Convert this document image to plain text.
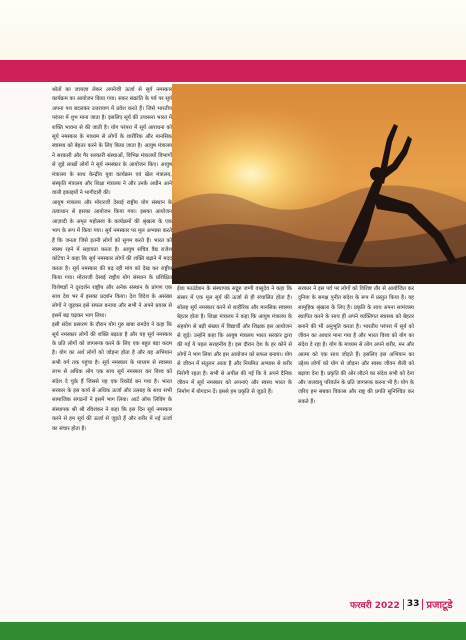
श्रोतों का जायज़ा लेकर अपनेजी ऊर्जा से सूर्य नमस्कार कार्यक्रम का आयोजन किया गया। सकर संक्रांति के पर्व पर सूर्य अपना पथ बदलकर उत्तरायण में प्रवेश करते हैं। जिसे भारतीय परंपरा में शुभ माना जाता है। इसलिए सूर्य की उपासना भारत में शक्ति भावना से की जाती है। योग परंपरा में सूर्य आराधना को सूर्य नमस्कार के माध्यम से लोगों के शारीरिक और मानसिक स्वास्थ्य को बेहतर करने के लिए किया जाता है। आयुष मंत्रालय ने सरकारी और गैर सरकारी संस्थाओं, विभिन्न मंत्रालयों विभागों से जुड़े लाखों लोगों ने सूर्य नमस्कार के आयोजन किए। आयुष मंत्रालय के साथ केन्द्रीय युवा कार्यक्रम एवं खेल मंत्रालय, संस्कृति मंत्रालय और शिक्षा मंत्रालय ने और उनके अधीन आने वाली इकाइयों ने भागीदारी की।

आयुष मंत्रालय और मोरारजी देसाई राष्ट्रीय योग संस्थान के तत्वाधान से इसका आयोजन किया गया। इसका आयोजन आज़ादी के अमृत महोत्सव के कार्यक्रमों की श्रृंखला के एक भाग के रूप में किया गया। सूर्य नमस्कार पर मूल अभ्यास करते हैं कि जनता जिसे इतनी लोगों को सुगम करते हैं। भारत को स्वस्थ रहने में सहायता करता है। आयुष सचिव वैद्य राजेश कोटेचा ने कहा कि सूर्य नमस्कार लोगों की शक्ति बढ़ाने में मदद करता है। सूर्य नमस्कार की बढ़ रही मांग को देख कर राष्ट्रीय किया गया। मोरारजी देसाई राष्ट्रीय योग संस्थान के प्रशिक्षित विशेषज्ञों ने दूरदर्शन राष्ट्रीय और अनेक संस्थान के प्रांगण एक साथ देश भर में इसका प्रदर्शन किया। देश विदेश के असंख्य लोगों ने जुड़कर इसे सफल बनाया और सभी ने अपने प्रयास से इसमें बढ़ चढ़कर भाग लिया।

इसी संदेश प्रसारण के दौरान योग गुरु बाबा रामदेव ने कहा कि सूर्य नमस्कार लोगों की शक्ति बढ़ाता है और यह सूर्य नमस्कार के प्रति लोगों को जागरूक करने के लिए एक बहुत बड़ा कदम है। योग का अर्थ लोगों को जोड़ना होता है और यह अभियान सभी वर्ग तक पहुंचा है। सूर्य नमस्कार के माध्यम से स्वास्थ्य लाभ से अधिक लोग एक साथ सूर्य नमस्कार कर विश्व को संदेश दे चुके हैं जिससे यह एक रिकॉर्ड बन गया है। भारत सरकार के इस कार्य से अधिक ऊर्जा और उत्साह के साथ सभी सामाजिक संगठनों ने इसमें भाग लिया। आर्ट ऑफ लिविंग के संस्थापक श्री श्री रविशंकर ने कहा कि इस दिन सूर्य नमस्कार करने से हम सूर्य की ऊर्जा से जुड़ते हैं और शरीर में नई ऊर्जा का संचार होता है।

ईशा फाउंडेशन के संस्थापक सद्गुरु जग्गी वासुदेव ने कहा कि संसार में एक मूल सूर्य की ऊर्जा से ही संचालित होता है। सोलह सूर्य नमस्कार करने से शारीरिक और मानसिक स्वास्थ्य बेहतर होता है। शिक्षा मंत्रालय ने कहा कि आयुष मंत्रालय के सहयोग से बड़ी संख्या में विद्यार्थी और शिक्षक इस आयोजन से जुड़े। उन्होंने कहा कि आयुष मंत्रालय भारत सरकार द्वारा की गई ये पहल सराहनीय है। इस दौरान देश के हर कोने से लोगों ने भाग लिया और इस आयोजन को सफल बनाया। योग से जीवन में संतुलन आता है और नियमित अभ्यास से शरीर निरोगी रहता है। सभी से अपील की गई कि वे अपने दैनिक जीवन में सूर्य नमस्कार को अपनाएं और स्वस्थ भारत के निर्माण में योगदान दें। इससे हम प्रकृति से जुड़ते हैं।

सरकार ने इस पर्व पर लोगों को विशिष्ट तौर से आयोजित कर दुनिया के समक्ष पुनीत संदेश के रूप में प्रस्तुत किया है। यह सामूहिक श्रृंखला के लिए है। प्रकृति के साथ अपना सामंजस्य स्थापित करने के साथ ही अपने व्यक्तिगत स्वास्थ्य को बेहतर बनाने की भी अनुभूति करता है। भारतीय परंपरा में सूर्य को जीवन का आधार माना गया है और भारत विश्व को योग का संदेश दे रहा है। योग के माध्यम से लोग अपने शरीर, मन और आत्मा को एक साथ जोड़ते हैं। इसलिए इस अभियान का उद्देश्य लोगों को योग से जोड़ना और स्वस्थ जीवन शैली को बढ़ावा देना है। प्रकृति की ओर लौटने का संदेश सभी को देना और जलवायु परिवर्तन के प्रति जागरूक करना भी है। योग के जरिए हम सबका विकास और राष्ट्र की प्रगति सुनिश्चित कर सकते हैं।

फरवरी 2022 33 प्रजाटूडे
